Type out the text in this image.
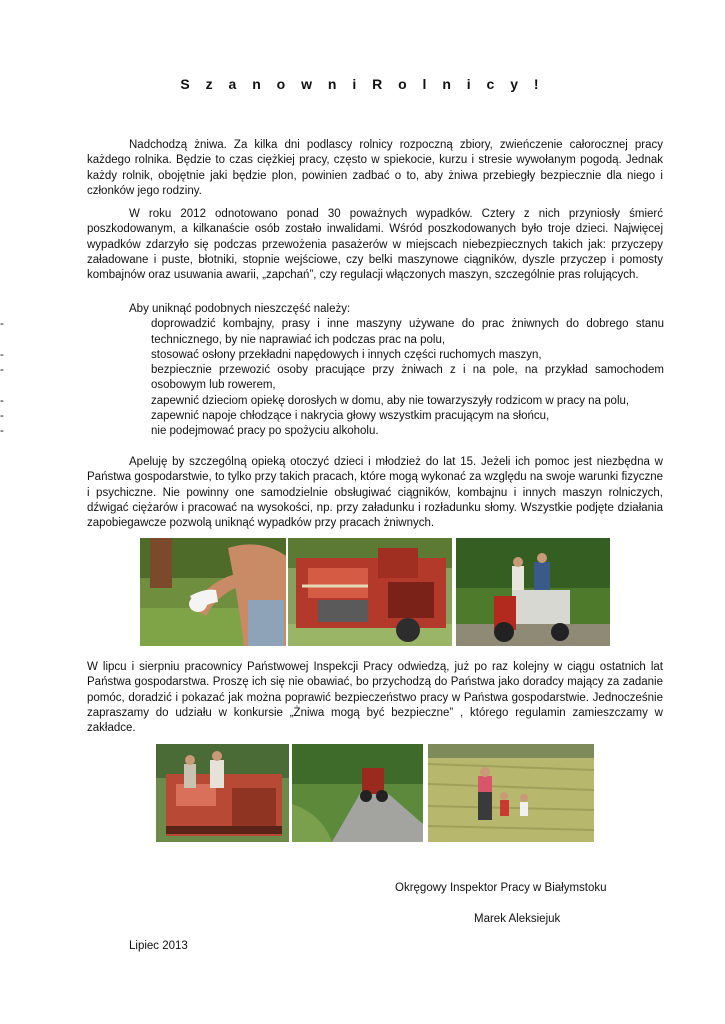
S z a n o w n i R o l n i c y !
Nadchodzą żniwa. Za kilka dni podlascy rolnicy rozpoczną zbiory, zwieńczenie całorocznej pracy każdego rolnika. Będzie to czas ciężkiej pracy, często w spiekocie, kurzu i stresie wywołanym pogodą. Jednak każdy rolnik, obojętnie jaki będzie plon, powinien zadbać o to, aby żniwa przebiegły bezpiecznie dla niego i członków jego rodziny.
W roku 2012 odnotowano ponad 30 poważnych wypadków. Cztery z nich przyniosły śmierć poszkodowanym, a kilkanaście osób zostało inwalidami. Wśród poszkodowanych było troje dzieci. Najwięcej wypadków zdarzyło się podczas przewożenia pasażerów w miejscach niebezpiecznych takich jak: przyczepy załadowane i puste, błotniki, stopnie wejściowe, czy belki maszynowe ciągników, dyszle przyczep i pomosty kombajnów oraz usuwania awarii, „zapchań”, czy regulacji włączonych maszyn, szczególnie pras rolujących.
Aby uniknąć podobnych nieszczęść należy:
- doprowadzić kombajny, prasy i inne maszyny używane do prac żniwnych do dobrego stanu technicznego, by nie naprawiać ich podczas prac na polu,
- stosować osłony przekładni napędowych i innych części ruchomych maszyn,
- bezpiecznie przewozić osoby pracujące przy żniwach z i na pole, na przykład samochodem osobowym lub rowerem,
- zapewnić dzieciom opiekę dorosłych w domu, aby nie towarzyszyły rodzicom w pracy na polu,
- zapewnić napoje chłodzące i nakrycia głowy wszystkim pracującym na słońcu,
- nie podejmować pracy po spożyciu alkoholu.
Apeluję by szczególną opieką otoczyć dzieci i młodzież do lat 15. Jeżeli ich pomoc jest niezbędna w Państwa gospodarstwie, to tylko przy takich pracach, które mogą wykonać za względu na swoje warunki fizyczne i psychiczne. Nie powinny one samodzielnie obsługiwać ciągników, kombajnu i innych maszyn rolniczych, dźwigać ciężarów i pracować na wysokości, np. przy załadunku i rozładunku słomy. Wszystkie podjęte działania zapobiegawcze pozwolą uniknąć wypadków przy pracach żniwnych.
W lipcu i sierpniu pracownicy Państwowej Inspekcji Pracy odwiedzą, już po raz kolejny w ciągu ostatnich lat Państwa gospodarstwa. Proszę ich się nie obawiać, bo przychodzą do Państwa jako doradcy mający za zadanie pomóc, doradzić i pokazać jak można poprawić bezpieczeństwo pracy w Państwa gospodarstwie. Jednocześnie zapraszamy do udziału w konkursie „Żniwa mogą być bezpieczne” , którego regulamin zamieszczamy w zakładce.
Okręgowy Inspektor Pracy w Białymstoku
Marek Aleksiejuk
Lipiec 2013
